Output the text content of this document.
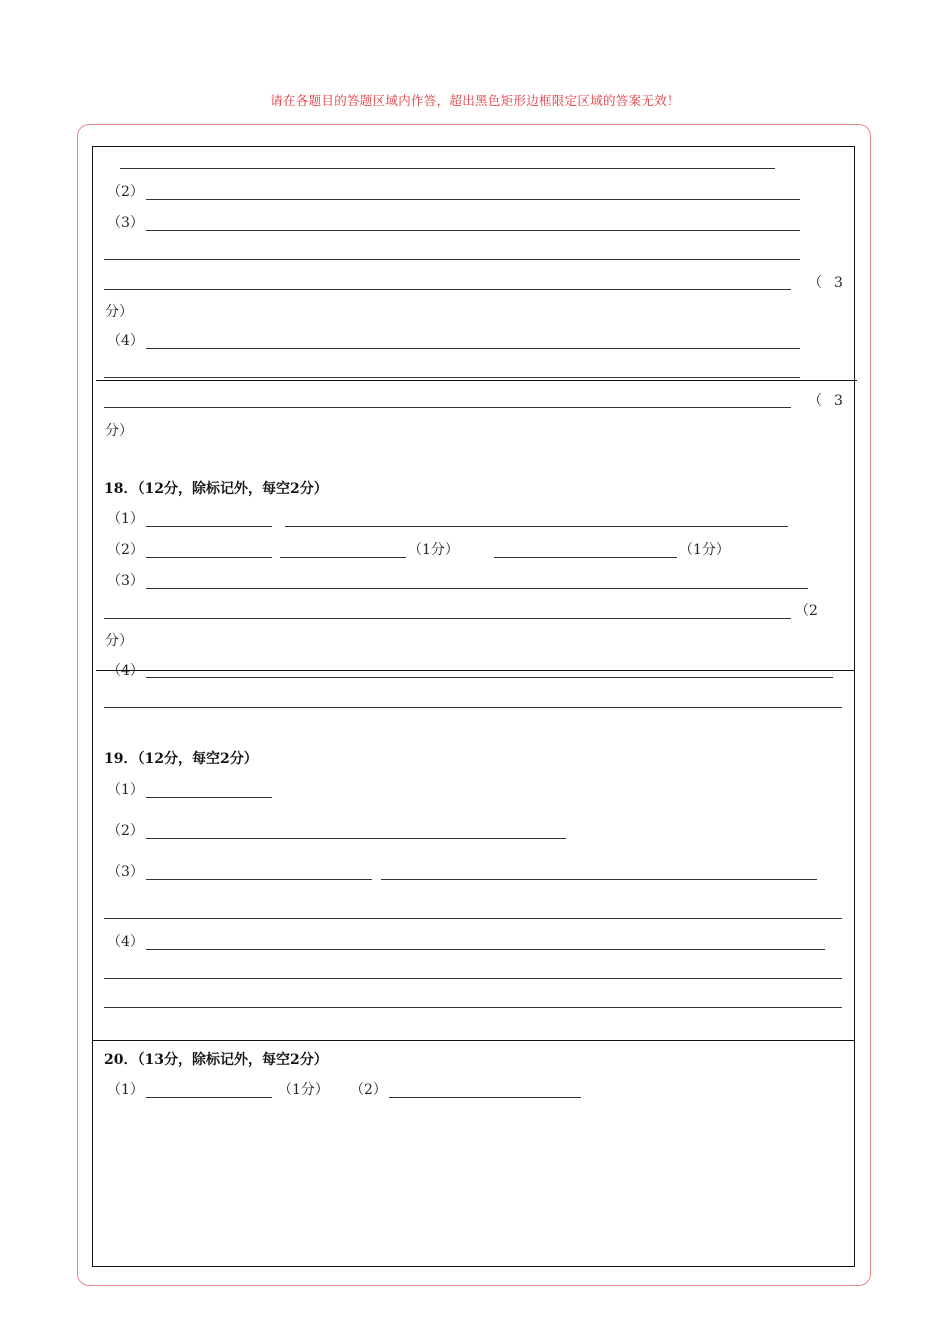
请在各题目的答题区域内作答，超出黑色矩形边框限定区域的答案无效！
（2）
（3）
（ 3
分）
（4）
（ 3
分）
18．（12分，除标记外，每空2分）
（1）
（2）	（1分）	（1分）
（3）
（2
分）
（4）
19．（12分，每空2分）
（1）
（2）
（3）
（4）
20．（13分，除标记外，每空2分）
（1）	（1分） （2）
